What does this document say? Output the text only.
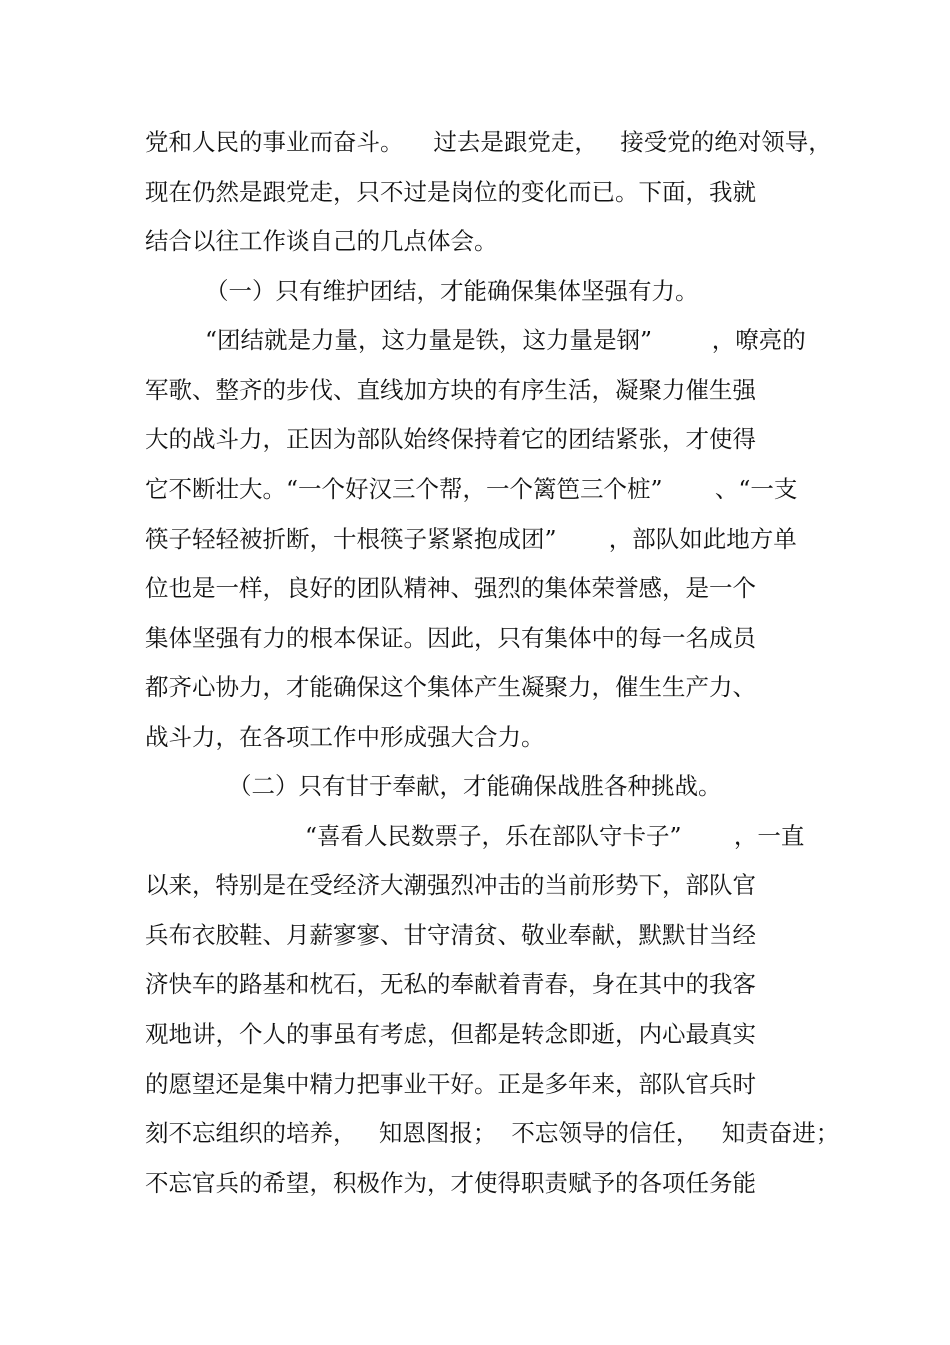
党和人民的事业而奋斗。    过去是跟党走，   接受党的绝对领导，
现在仍然是跟党走，只不过是岗位的变化而已。下面，我就
结合以往工作谈自己的几点体会。
（一）只有维护团结，才能确保集体坚强有力。
“团结就是力量，这力量是铁，这力量是钢”        ，嘹亮的
军歌、整齐的步伐、直线加方块的有序生活，凝聚力催生强
大的战斗力，正因为部队始终保持着它的团结紧张，才使得
它不断壮大。“一个好汉三个帮，一个篱笆三个桩”       、“一支
筷子轻轻被折断，十根筷子紧紧抱成团”       ，部队如此地方单
位也是一样，良好的团队精神、强烈的集体荣誉感，是一个
集体坚强有力的根本保证。因此，只有集体中的每一名成员
都齐心协力，才能确保这个集体产生凝聚力，催生生产力、
战斗力，在各项工作中形成强大合力。
（二）只有甘于奉献，才能确保战胜各种挑战。
“喜看人民数票子，乐在部队守卡子”       ，一直
以来，特别是在受经济大潮强烈冲击的当前形势下，部队官
兵布衣胶鞋、月薪寥寥、甘守清贫、敬业奉献，默默甘当经
济快车的路基和枕石，无私的奉献着青春，身在其中的我客
观地讲，个人的事虽有考虑，但都是转念即逝，内心最真实
的愿望还是集中精力把事业干好。正是多年来，部队官兵时
刻不忘组织的培养，   知恩图报；  不忘领导的信任，   知责奋进；
不忘官兵的希望，积极作为，才使得职责赋予的各项任务能
